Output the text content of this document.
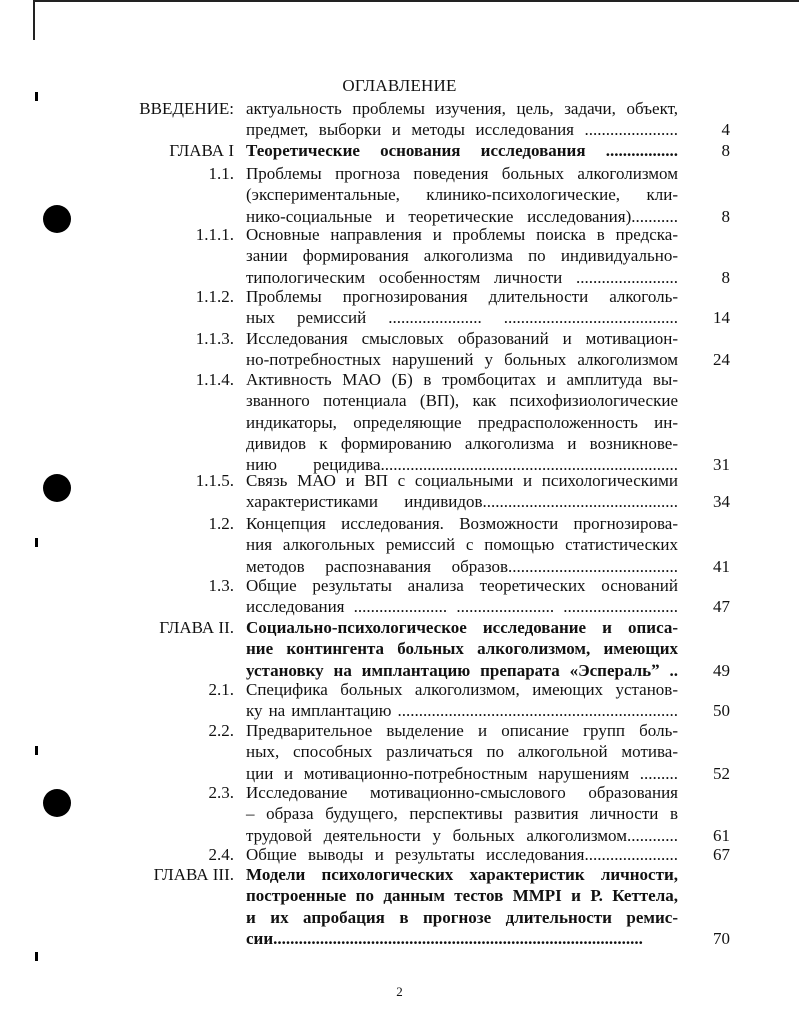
ОГЛАВЛЕНИЕ
ВВЕДЕНИЕ: актуальность проблемы изучения, цель, задачи, объект,
предмет, выборки и методы исследования ......................	4
ГЛАВА I Теоретические основания исследования .................	8
1.1. Проблемы прогноза поведения больных алкоголизмом
(экспериментальные, клинико-психологические, кли-
нико-социальные и теоретические исследования)...........	8
1.1.1. Основные направления и проблемы поиска в предска-
зании формирования алкоголизма по индивидуально-
типологическим особенностям личности ........................	8
1.1.2. Проблемы прогнозирования длительности алкоголь-
ных ремиссий ...................... .........................................	14
1.1.3. Исследования смысловых образований и мотивацион-
но-потребностных нарушений у больных алкоголизмом	24
1.1.4. Активность МАО (Б) в тромбоцитах и амплитуда вы-
званного потенциала (ВП), как психофизиологические
индикаторы, определяющие предрасположенность ин-
дивидов к формированию алкоголизма и возникнове-
нию рецидива......................................................................	31
1.1.5. Связь МАО и ВП с социальными и психологическими
характеристиками индивидов..............................................	34
1.2. Концепция исследования. Возможности прогнозирова-
ния алкогольных ремиссий с помощью статистических
методов распознавания образов........................................	41
1.3. Общие результаты анализа теоретических оснований
исследования ...................... ....................... ...........................	47
ГЛАВА II. Социально-психологическое исследование и описа-
ние контингента больных алкоголизмом, имеющих
установку на имплантацию препарата «Эсперальˮ ..	49
2.1. Специфика больных алкоголизмом, имеющих установ-
ку на имплантацию ..................................................................	50
2.2. Предварительное выделение и описание групп боль-
ных, способных различаться по алкогольной мотива-
ции и мотивационно-потребностным нарушениям .........	52
2.3. Исследование мотивационно-смыслового образования
– образа будущего, перспективы развития личности в
трудовой деятельности у больных алкоголизмом............	61
2.4. Общие выводы и результаты исследования......................	67
ГЛАВА III. Модели психологических характеристик личности,
построенные по данным тестов MMPI и Р. Кеттела,
и их апробация в прогнозе длительности ремис-
сии.......................................................................................	70
2
